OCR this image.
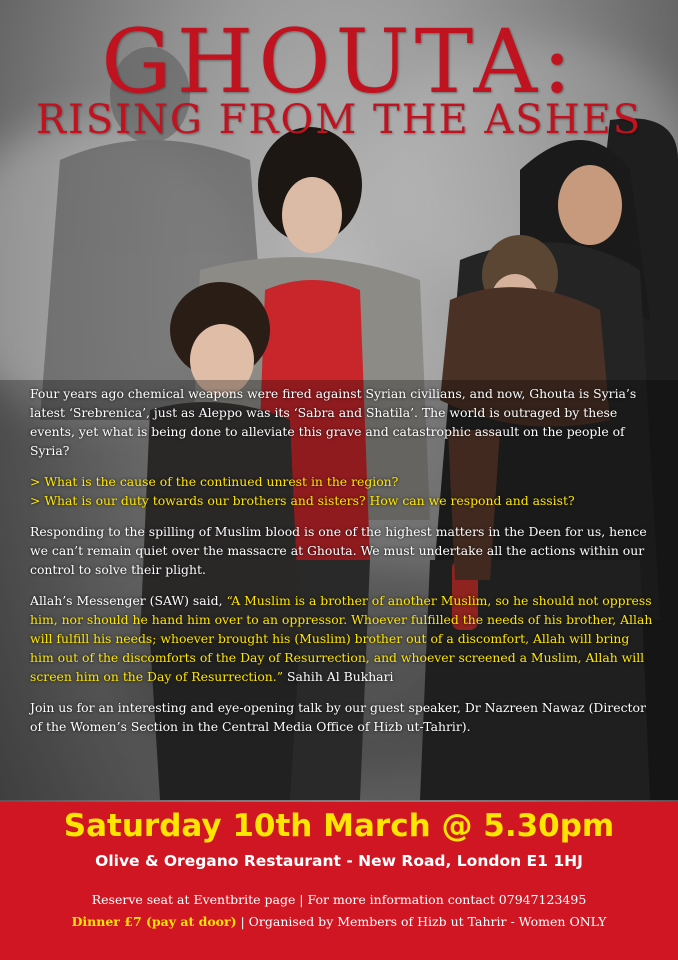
GHOUTA:
RISING FROM THE ASHES

Four years ago chemical weapons were fired against Syrian civilians, and now, Ghouta is Syria’s latest ‘Srebrenica’, just as Aleppo was its ‘Sabra and Shatila’. The world is outraged by these events, yet what is being done to alleviate this grave and catastrophic assault on the people of Syria?

> What is the cause of the continued unrest in the region?
> What is our duty towards our brothers and sisters? How can we respond and assist?

Responding to the spilling of Muslim blood is one of the highest matters in the Deen for us, hence we can’t remain quiet over the massacre at Ghouta. We must undertake all the actions within our control to solve their plight.

Allah’s Messenger (SAW) said, “A Muslim is a brother of another Muslim, so he should not oppress him, nor should he hand him over to an oppressor. Whoever fulfilled the needs of his brother, Allah will fulfill his needs; whoever brought his (Muslim) brother out of a discomfort, Allah will bring him out of the discomforts of the Day of Resurrection, and whoever screened a Muslim, Allah will screen him on the Day of Resurrection.” Sahih Al Bukhari

Join us for an interesting and eye-opening talk by our guest speaker, Dr Nazreen Nawaz (Director of the Women’s Section in the Central Media Office of Hizb ut-Tahrir).

Saturday 10th March @ 5.30pm
Olive & Oregano Restaurant - New Road, London E1 1HJ
Reserve seat at Eventbrite page | For more information contact 07947123495
Dinner £7 (pay at door) | Organised by Members of Hizb ut Tahrir - Women ONLY
